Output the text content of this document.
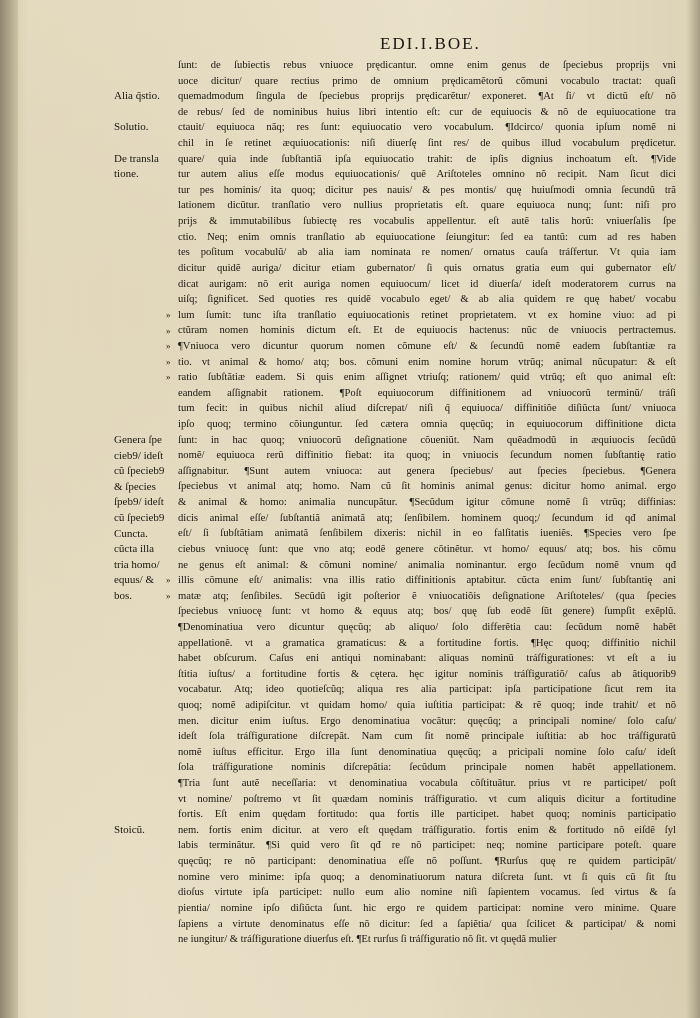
EDI.I.BOE.
Alia q̃stio.
Solutio.
De transla
tione.
Genera ſpe
cieb9/ ideſt
cũ ſpecieb9
& ſpecies
ſpeb9/ ideſt
cũ ſpecieb9
Cuncta.
cũcta illa
tria homo/
equus/ &
bos.
Stoicũ.
»
»
»
»
»
»
»
ſunt: de ſubiectis rebus vniuoce prędicantur. omne enim genus de ſpeciebus proprijs vni
uoce dicitur/ quare rectius primo de omnium prędicamẽtorũ cõmuni vocabulo tractat: quaſi
quemadmodum ſingula de ſpeciebus proprijs prędicarẽtur/ exponeret. ¶At ſi/ vt dictũ eſt/ nõ
de rebus/ ſed de nominibus huius libri intentio eſt: cur de equiuocis & nõ de equiuocatione tra
ctauit/ equiuoca nãq; res ſunt: equiuocatio vero vocabulum. ¶Idcirco/ quonia ipſum nomẽ ni
chil in ſe retinet æquiuocationis: niſi diuerſę ſint res/ de quibus illud vocabulum prędicetur.
quare/ quia inde ſubſtantiã ipſa equiuocatio trahit: de ipſis dignius inchoatum eſt. ¶Vide
tur autem alius eſſe modus equiuocationis/ quẽ Ariſtoteles omnino nõ recipit. Nam ſicut dici
tur pes hominis/ ita quoq; dicitur pes nauis/ & pes montis/ quę huiuſmodi omnia ſecundũ trã
lationem dicũtur. tranſlatio vero nullius proprietatis eſt. quare equiuoca nunq; ſunt: niſi pro
prijs & immutabilibus ſubiectę res vocabulis appellentur. eſt autẽ talis horũ: vniuerſalis ſpe
ctio. Neq; enim omnis tranſlatio ab equiuocatione ſeiungitur: ſed ea tantũ: cum ad res haben
tes poſitum vocabulũ/ ab alia iam nominata re nomen/ ornatus cauſa tráſfertur. Vt quia iam
dicitur quidẽ auriga/ dicitur etiam gubernator/ ſi quis ornatus gratia eum qui gubernator eſt/
dicat aurigam: nõ erit auriga nomen equiuocum/ licet id diuerſa/ ideſt moderatorem currus na
uiſq; ſignificet. Sed quoties res quidẽ vocabulo eget/ & ab alia quidem re quę habet/ vocabu
lum ſumit: tunc iſta tranſlatio equiuocationis retinet proprietatem. vt ex homine viuo: ad pi
ctũram nomen hominis dictum eſt. Et de equiuocis hactenus: nũc de vniuocis pertractemus.
¶Vniuoca vero dicuntur quorum nomen cõmune eſt/ & ſecundũ nomẽ eadem ſubſtantiæ ra
tio. vt animal & homo/ atq; bos. cõmuni enim nomine horum vtrũq; animal nũcupatur: & eſt
ratio ſubſtãtiæ eadem. Si quis enim aſſignet vtriuſq; rationem/ quid vtrũq; eſt quo animal eſt:
eandem aſſignabit rationem. ¶Poſt equiuocorum diffinitionem ad vniuocorũ terminũ/ tráſi
tum fecit: in quibus nichil aliud diſcrepat/ niſi q̃ equiuoca/ diffinitiõe diſiũcta ſunt/ vniuoca
ipſo quoq; termino cõiunguntur. ſed cætera omnia quęcũq; in equiuocorum diffinitione dicta
ſunt: in hac quoq; vniuocorũ deſignatione cõueniũt. Nam quẽadmodũ in æquiuocis ſecũdũ
nomẽ/ equiuoca rerũ diffinitio fiebat: ita quoq; in vniuocis ſecundum nomen ſubſtantię ratio
aſſignabitur. ¶Sunt autem vniuoca: aut genera ſpeciebus/ aut ſpecies ſpeciebus. ¶Genera
ſpeciebus vt animal atq; homo. Nam cũ ſit hominis animal genus: dicitur homo animal. ergo
& animal & homo: animalia nuncupãtur. ¶Secũdum igitur cõmune nomẽ ſi vtrũq; diffinias:
dicis animal eſſe/ ſubſtantiã animatã atq; ſenſibilem. hominem quoq;/ ſecundum id qđ animal
eſt/ ſi ſubſtãtiam animatã ſenſibilem dixeris: nichil in eo falſitatis iueniẽs. ¶Species vero ſpe
ciebus vniuocę ſunt: que vno atq; eodẽ genere cõtinẽtur. vt homo/ equus/ atq; bos. his cõmu
ne genus eſt animal: & cõmuni nomine/ animalia nominantur. ergo ſecũdum nomẽ vnum qđ
illis cõmune eſt/ animalis: vna illis ratio diffinitionis aptabitur. cũcta enim ſunt/ ſubſtantię ani
matæ atq; ſenſibiles. Secũdũ igit poſterior ẽ vniuocatiõis deſignatione Ariſtoteles/ (qua ſpecies
ſpeciebus vniuocę ſunt: vt homo & equus atq; bos/ quę ſub eodẽ ſũt genere) ſumpſit exẽplũ.
¶Denominatiua vero dicuntur quęcũq; ab aliquo/ ſolo differẽtia cau: ſecũdum nomẽ habẽt
appellationẽ. vt a gramatica gramaticus: & a fortitudine fortis. ¶Hęc quoq; diffinitio nichil
habet obſcurum. Caſus eni antiqui nominabant: aliquas nominũ tráſfigurationes: vt eſt a iu
ſtitia iuſtus/ a fortitudine fortis & cętera. hęc igitur nominis tráſfiguratiõ/ caſus ab ãtiquorib9
vocabatur. Atq; ideo quotieſcũq; aliqua res alia participat: ipſa participatione ſicut rem ita
quoq; nomẽ adipiſcitur. vt quidam homo/ quia iuſtitia participat: & rẽ quoq; inde trahit/ et nõ
men. dicitur enim iuſtus. Ergo denominatiua vocãtur: quęcũq; a principali nomine/ ſolo caſu/
ideſt ſola tráſfiguratione diſcrepãt. Nam cum ſit nomẽ principale iuſtitia: ab hoc tráſfiguratũ
nomẽ iuſtus efficitur. Ergo illa ſunt denominatiua quęcũq; a pricipali nomine ſolo caſu/ ideſt
ſola tráſfiguratione nominis diſcrepãtia: ſecũdum principale nomen habẽt appellationem.
¶Tria ſunt autẽ neceſſaria: vt denominatiua vocabula cõſtituãtur. prius vt re participet/ poſt
vt nomine/ poſtremo vt ſit quædam nominis tráſfiguratio. vt cum aliquis dicitur a fortitudine
fortis. Eſt enim quędam fortitudo: qua fortis ille participet. habet quoq; nominis participatio
nem. fortis enim dicitur. at vero eſt quędam tráſfiguratio. fortis enim & fortitudo nõ eiſdẽ ſyl
labis terminãtur. ¶Si quid vero ſit qđ re nõ participet: neq; nomine participare poteſt. quare
quęcũq; re nõ participant: denominatiua eſſe nõ poſſunt. ¶Rurſus quę re quidem participãt/
nomine vero minime: ipſa quoq; a denominatiuorum natura diſcreta ſunt. vt ſi quis cũ ſit ſtu
dioſus virtute ipſa participet: nullo eum alio nomine niſi ſapientem vocamus. ſed virtus & ſa
pientia/ nomine ipſo diſiũcta ſunt. hic ergo re quidem participat: nomine vero minime. Quare
ſapiens a virtute denominatus eſſe nõ dicitur: ſed a ſapiẽtia/ qua ſcilicet & participat/ & nomi
ne iungitur/ & tráſfiguratione diuerſus eſt. ¶Et rurſus ſi tráſfiguratio nõ ſit. vt quędã mulier
